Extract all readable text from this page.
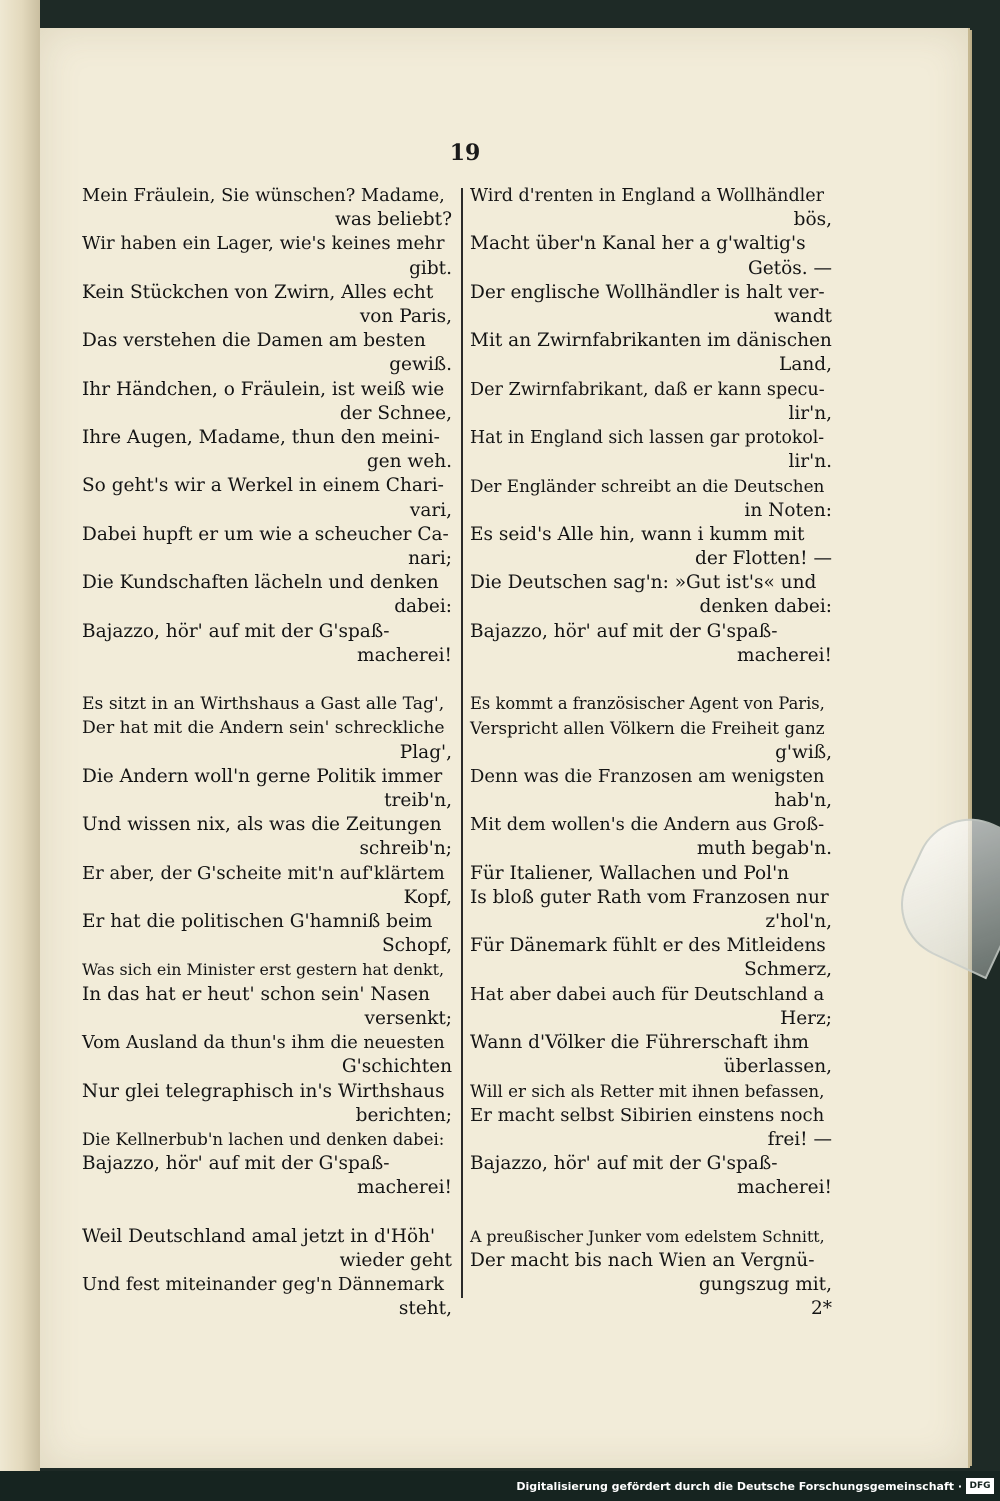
19
Mein Fräulein, Sie wünschen? Madame,
was beliebt?
Wir haben ein Lager, wie's keines mehr
gibt.
Kein Stückchen von Zwirn, Alles echt
von Paris,
Das verstehen die Damen am besten
gewiß.
Ihr Händchen, o Fräulein, ist weiß wie
der Schnee,
Ihre Augen, Madame, thun den meini-
gen weh.
So geht's wir a Werkel in einem Chari-
vari,
Dabei hupft er um wie a scheucher Ca-
nari;
Die Kundschaften lächeln und denken
dabei:
Bajazzo, hör' auf mit der G'spaß-
macherei!
Es sitzt in an Wirthshaus a Gast alle Tag',
Der hat mit die Andern sein' schreckliche
Plag',
Die Andern woll'n gerne Politik immer
treib'n,
Und wissen nix, als was die Zeitungen
schreib'n;
Er aber, der G'scheite mit'n auf'klärtem
Kopf,
Er hat die politischen G'hamniß beim
Schopf,
Was sich ein Minister erst gestern hat denkt,
In das hat er heut' schon sein' Nasen
versenkt;
Vom Ausland da thun's ihm die neuesten
G'schichten
Nur glei telegraphisch in's Wirthshaus
berichten;
Die Kellnerbub'n lachen und denken dabei:
Bajazzo, hör' auf mit der G'spaß-
macherei!
Weil Deutschland amal jetzt in d'Höh'
wieder geht
Und fest miteinander geg'n Dännemark
steht,
Wird d'renten in England a Wollhändler
bös,
Macht über'n Kanal her a g'waltig's
Getös. —
Der englische Wollhändler is halt ver-
wandt
Mit an Zwirnfabrikanten im dänischen
Land,
Der Zwirnfabrikant, daß er kann specu-
lir'n,
Hat in England sich lassen gar protokol-
lir'n.
Der Engländer schreibt an die Deutschen
in Noten:
Es seid's Alle hin, wann i kumm mit
der Flotten! —
Die Deutschen sag'n: »Gut ist's« und
denken dabei:
Bajazzo, hör' auf mit der G'spaß-
macherei!
Es kommt a französischer Agent von Paris,
Verspricht allen Völkern die Freiheit ganz
g'wiß,
Denn was die Franzosen am wenigsten
hab'n,
Mit dem wollen's die Andern aus Groß-
muth begab'n.
Für Italiener, Wallachen und Pol'n
Is bloß guter Rath vom Franzosen nur
z'hol'n,
Für Dänemark fühlt er des Mitleidens
Schmerz,
Hat aber dabei auch für Deutschland a
Herz;
Wann d'Völker die Führerschaft ihm
überlassen,
Will er sich als Retter mit ihnen befassen,
Er macht selbst Sibirien einstens noch
frei! —
Bajazzo, hör' auf mit der G'spaß-
macherei!
A preußischer Junker vom edelstem Schnitt,
Der macht bis nach Wien an Vergnü-
gungszug mit,
2*
Digitalisierung gefördert durch die Deutsche Forschungsgemeinschaft · DFG
